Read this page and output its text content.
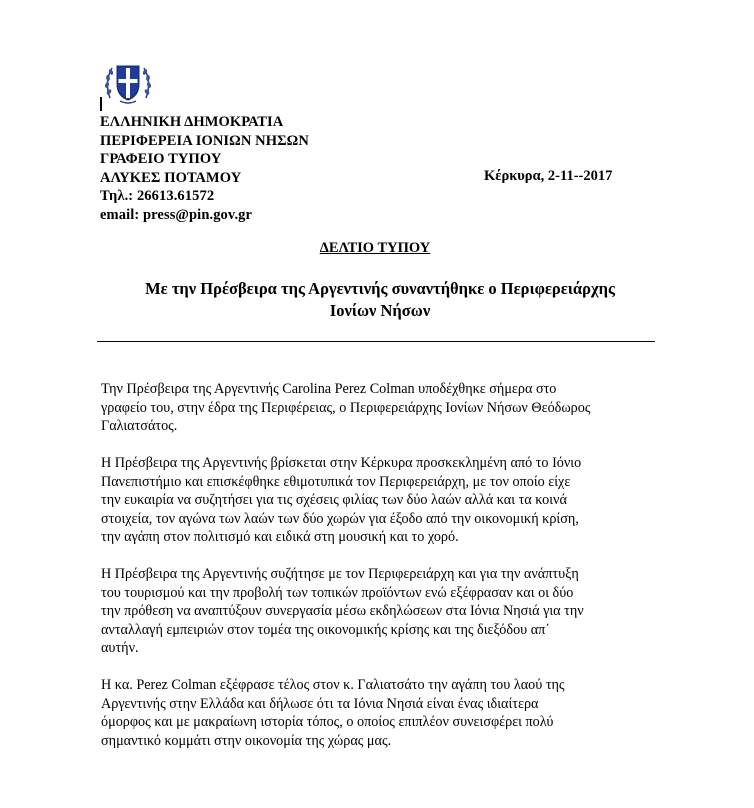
ΕΛΛΗΝΙΚΗ ΔΗΜΟΚΡΑΤΙΑ
ΠΕΡΙΦΕΡΕΙΑ ΙΟΝΙΩΝ ΝΗΣΩΝ
ΓΡΑΦΕΙΟ ΤΥΠΟΥ
ΑΛΥΚΕΣ ΠΟΤΑΜΟΥ
Τηλ.: 26613.61572
email: press@pin.gov.gr
Κέρκυρα, 2-11--2017
ΔΕΛΤΙΟ ΤΥΠΟΥ
Με την Πρέσβειρα της Αργεντινής συναντήθηκε ο Περιφερειάρχης
Ιονίων Νήσων
Την Πρέσβειρα της Αργεντινής Carolina Perez Colman υποδέχθηκε σήμερα στο
γραφείο του, στην έδρα της Περιφέρειας, ο Περιφερειάρχης Ιονίων Νήσων Θεόδωρος
Γαλιατσάτος.
Η Πρέσβειρα της Αργεντινής βρίσκεται στην Κέρκυρα προσκεκλημένη από το Ιόνιο
Πανεπιστήμιο και επισκέφθηκε εθιμοτυπικά τον Περιφερειάρχη, με τον οποίο είχε
την ευκαιρία να συζητήσει για τις σχέσεις φιλίας των δύο λαών αλλά και τα κοινά
στοιχεία, τον αγώνα των λαών των δύο χωρών για έξοδο από την οικονομική κρίση,
την αγάπη στον πολιτισμό και ειδικά στη μουσική και το χορό.
Η Πρέσβειρα της Αργεντινής συζήτησε με τον Περιφερειάρχη και για την ανάπτυξη
του τουρισμού και την προβολή των τοπικών προϊόντων ενώ εξέφρασαν και οι δύο
την πρόθεση να αναπτύξουν συνεργασία μέσω εκδηλώσεων στα Ιόνια Νησιά για την
ανταλλαγή εμπειριών στον τομέα της οικονομικής κρίσης και της διεξόδου απ΄
αυτήν.
Η κα. Perez Colman εξέφρασε τέλος στον κ. Γαλιατσάτο την αγάπη του λαού της
Αργεντινής στην Ελλάδα και δήλωσε ότι τα Ιόνια Νησιά είναι ένας ιδιαίτερα
όμορφος και με μακραίωνη ιστορία τόπος, ο οποίος επιπλέον συνεισφέρει πολύ
σημαντικό κομμάτι στην οικονομία της χώρας μας.
